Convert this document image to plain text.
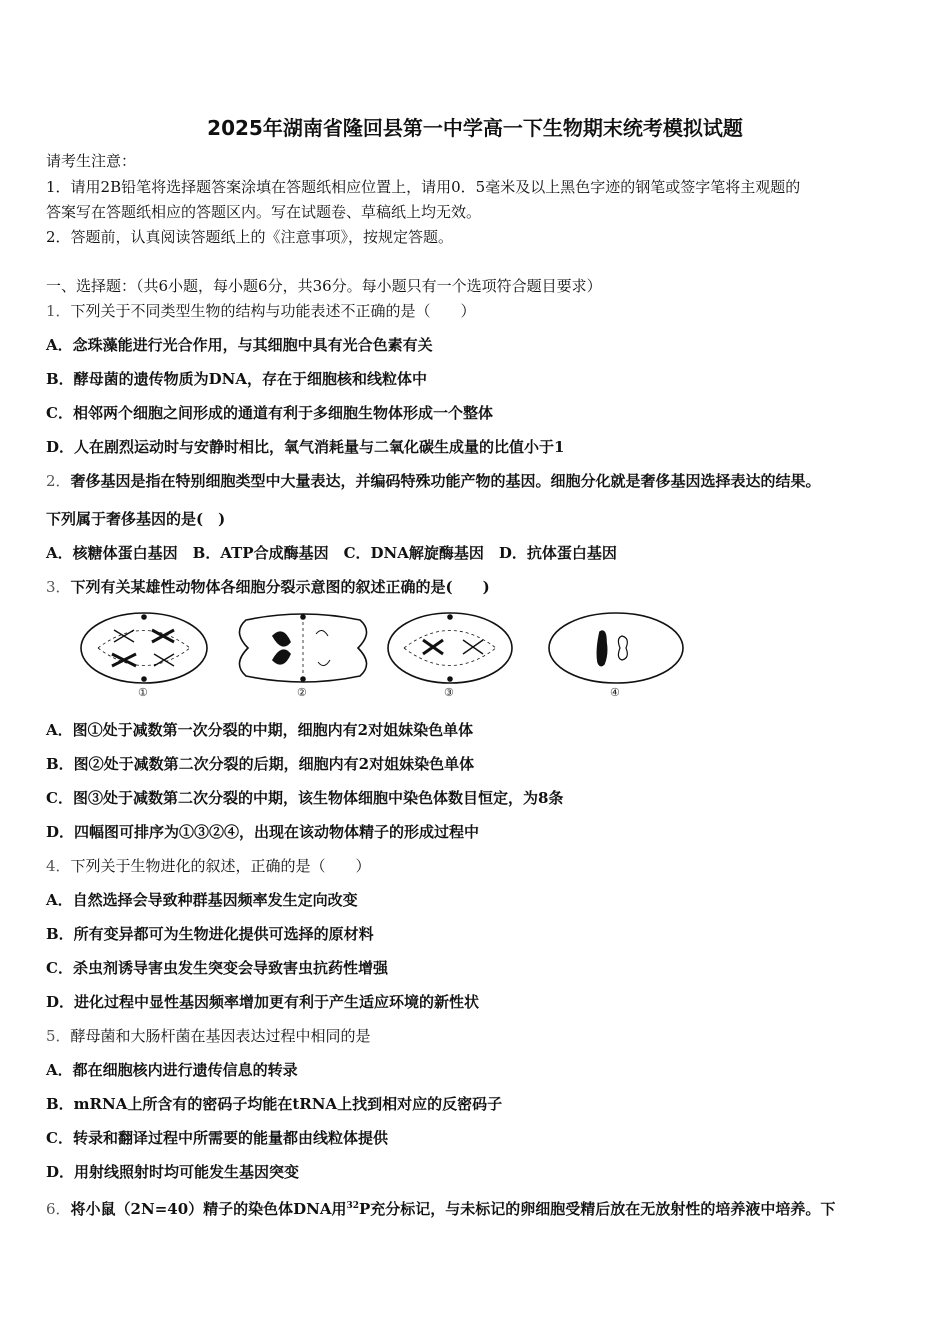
2025年湖南省隆回县第一中学高一下生物期末统考模拟试题
请考生注意：
1．请用2B铅笔将选择题答案涂填在答题纸相应位置上，请用0．5毫米及以上黑色字迹的钢笔或签字笔将主观题的
答案写在答题纸相应的答题区内。写在试题卷、草稿纸上均无效。
2．答题前，认真阅读答题纸上的《注意事项》，按规定答题。
一、选择题：（共6小题，每小题6分，共36分。每小题只有一个选项符合题目要求）
1．下列关于不同类型生物的结构与功能表述不正确的是（　　）
A．念珠藻能进行光合作用，与其细胞中具有光合色素有关
B．酵母菌的遗传物质为DNA，存在于细胞核和线粒体中
C．相邻两个细胞之间形成的通道有利于多细胞生物体形成一个整体
D．人在剧烈运动时与安静时相比，氧气消耗量与二氧化碳生成量的比值小于1
2．奢侈基因是指在特别细胞类型中大量表达，并编码特殊功能产物的基因。细胞分化就是奢侈基因选择表达的结果。
下列属于奢侈基因的是(　)
A．核糖体蛋白基因　B．ATP合成酶基因　C．DNA解旋酶基因　D．抗体蛋白基因
3．下列有关某雄性动物体各细胞分裂示意图的叙述正确的是(　　)
①	②	③	④
A．图①处于减数第一次分裂的中期，细胞内有2对姐妹染色单体
B．图②处于减数第二次分裂的后期，细胞内有2对姐妹染色单体
C．图③处于减数第二次分裂的中期，该生物体细胞中染色体数目恒定，为8条
D．四幅图可排序为①③②④，出现在该动物体精子的形成过程中
4．下列关于生物进化的叙述，正确的是（　　）
A．自然选择会导致种群基因频率发生定向改变
B．所有变异都可为生物进化提供可选择的原材料
C．杀虫剂诱导害虫发生突变会导致害虫抗药性增强
D．进化过程中显性基因频率增加更有利于产生适应环境的新性状
5．酵母菌和大肠杆菌在基因表达过程中相同的是
A．都在细胞核内进行遗传信息的转录
B．mRNA上所含有的密码子均能在tRNA上找到相对应的反密码子
C．转录和翻译过程中所需要的能量都由线粒体提供
D．用射线照射时均可能发生基因突变
6．将小鼠（2N=40）精子的染色体DNA用$^{32}$P充分标记，与未标记的卵细胞受精后放在无放射性的培养液中培养。下
